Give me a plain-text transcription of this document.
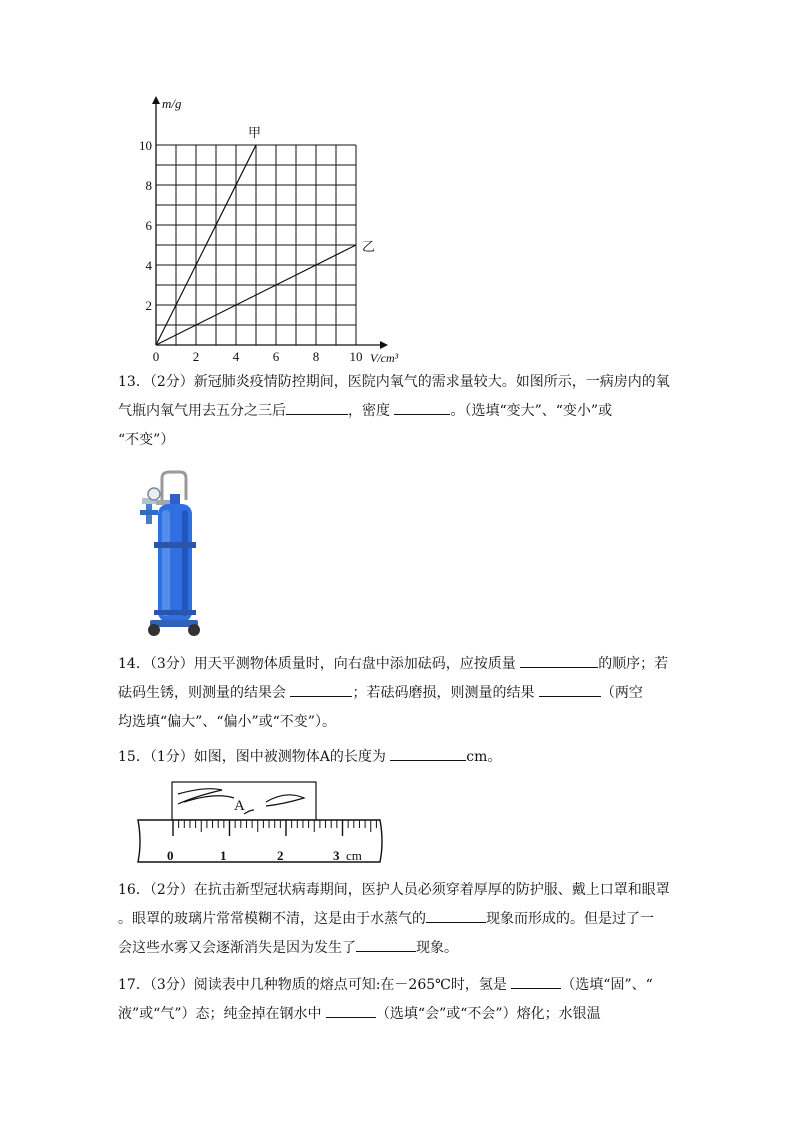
甲
乙
0	2	4	6	8 10
2
4
6
8
10
m/g
V/cm³
13．（2分）新冠肺炎疫情防控期间，医院内氧气的需求量较大。如图所示，一病房内的氧
气瓶内氧气用去五分之三后	，密度	。（选填“变大”、“变小”或
“不变”）
14．（3分）用天平测物体质量时，向右盘中添加砝码，应按质量	的顺序；若
砝码生锈，则测量的结果会	；若砝码磨损，则测量的结果	（两空
均选填“偏大”、“偏小”或“不变”）。
15．（1分）如图，图中被测物体A的长度为	cm。
A
0	1	2	3 cm
16．（2分）在抗击新型冠状病毒期间，医护人员必须穿着厚厚的防护服、戴上口罩和眼罩
。眼罩的玻璃片常常模糊不清，这是由于水蒸气的	现象而形成的。但是过了一
会这些水雾又会逐渐消失是因为发生了	现象。
17．（3分）阅读表中几种物质的熔点可知:在－265℃时，氢是	（选填“固”、“
液”或“气”）态；纯金掉在钢水中	（选填“会”或“不会”）熔化；水银温
